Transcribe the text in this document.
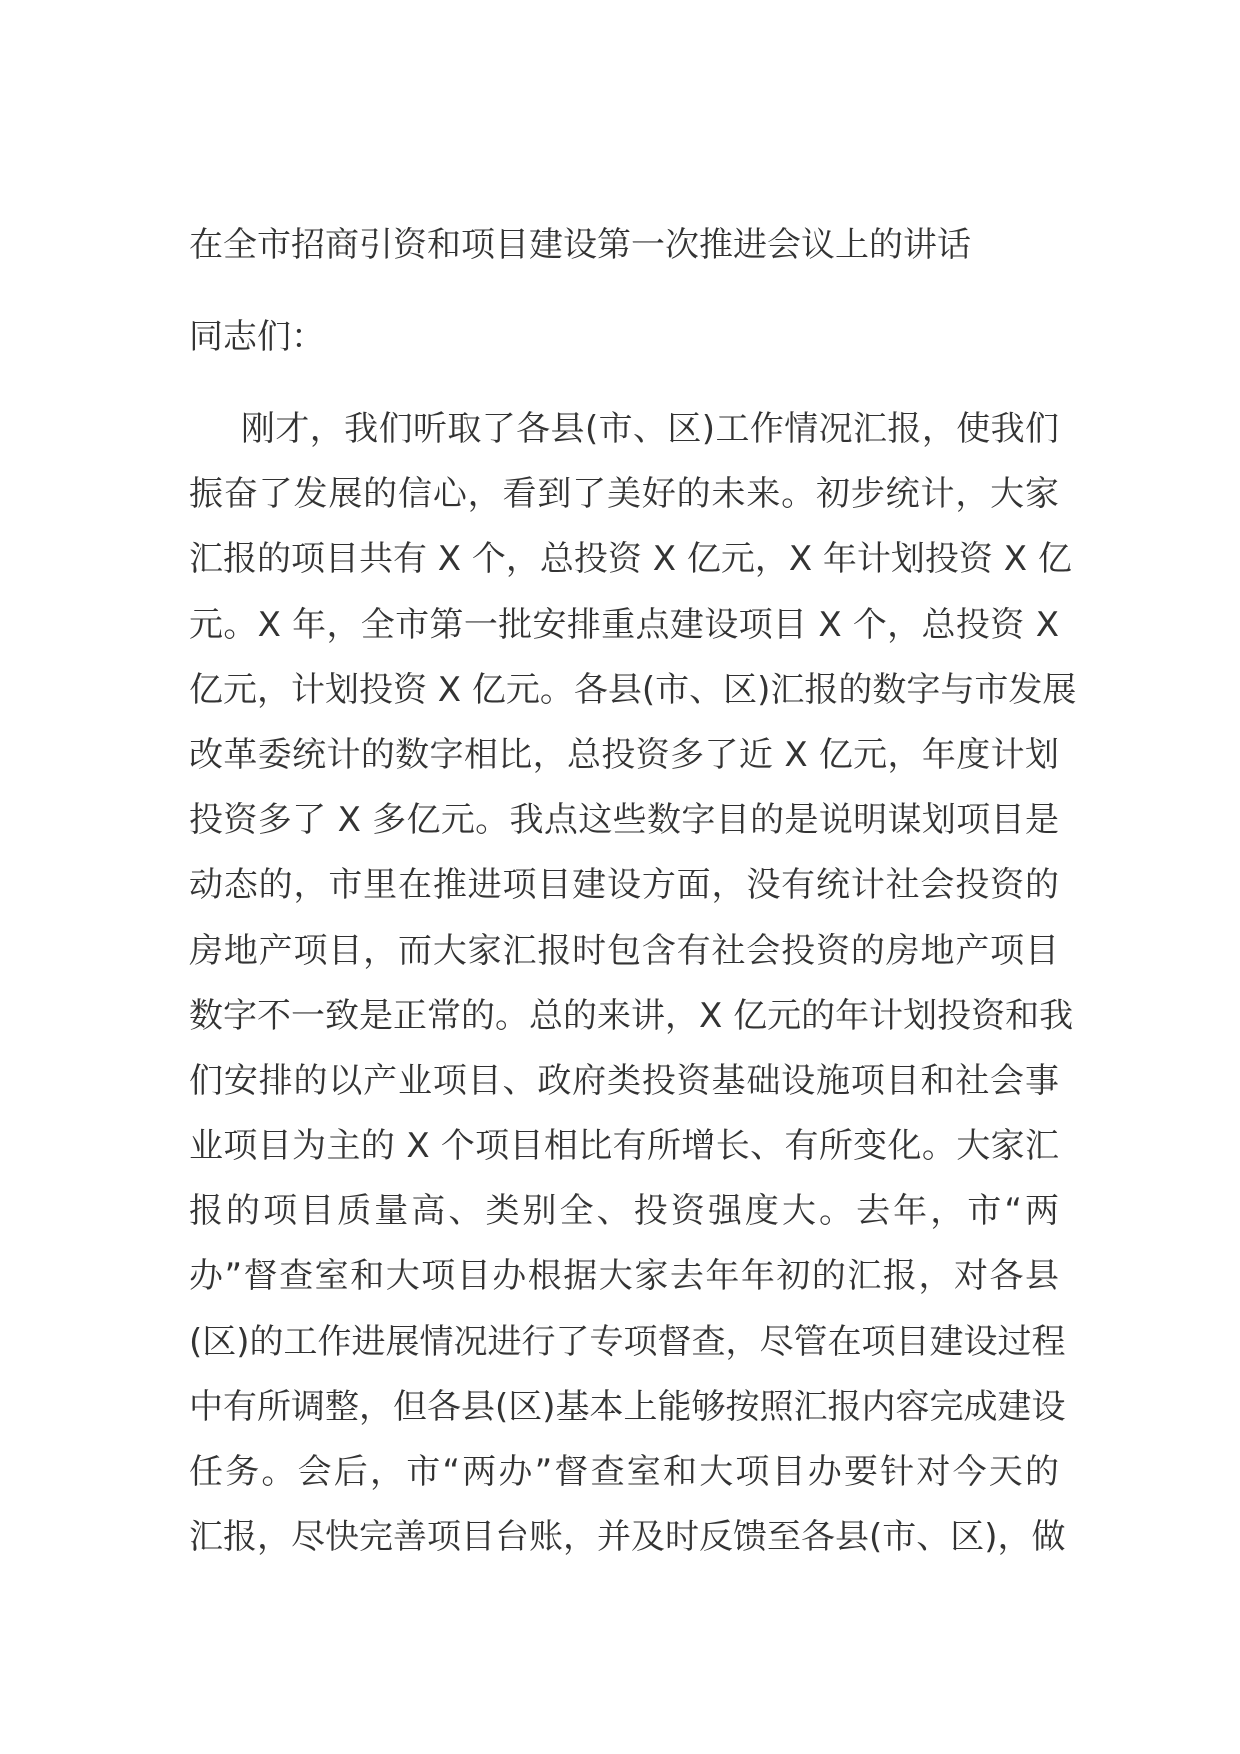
在全市招商引资和项目建设第一次推进会议上的讲话
同志们：
刚才，我们听取了各县(市、区)工作情况汇报，使我们
振奋了发展的信心，看到了美好的未来。初步统计，大家
汇报的项目共有 X 个，总投资 X 亿元，X 年计划投资 X 亿
元。X 年，全市第一批安排重点建设项目 X 个，总投资 X
亿元，计划投资 X 亿元。各县(市、区)汇报的数字与市发展
改革委统计的数字相比，总投资多了近 X 亿元，年度计划
投资多了 X 多亿元。我点这些数字目的是说明谋划项目是
动态的，市里在推进项目建设方面，没有统计社会投资的
房地产项目，而大家汇报时包含有社会投资的房地产项目
数字不一致是正常的。总的来讲，X 亿元的年计划投资和我
们安排的以产业项目、政府类投资基础设施项目和社会事
业项目为主的 X 个项目相比有所增长、有所变化。大家汇
报的项目质量高、类别全、投资强度大。去年，市“两
办”督查室和大项目办根据大家去年年初的汇报，对各县
(区)的工作进展情况进行了专项督查，尽管在项目建设过程
中有所调整，但各县(区)基本上能够按照汇报内容完成建设
任务。会后，市“两办”督查室和大项目办要针对今天的
汇报，尽快完善项目台账，并及时反馈至各县(市、区)，做
